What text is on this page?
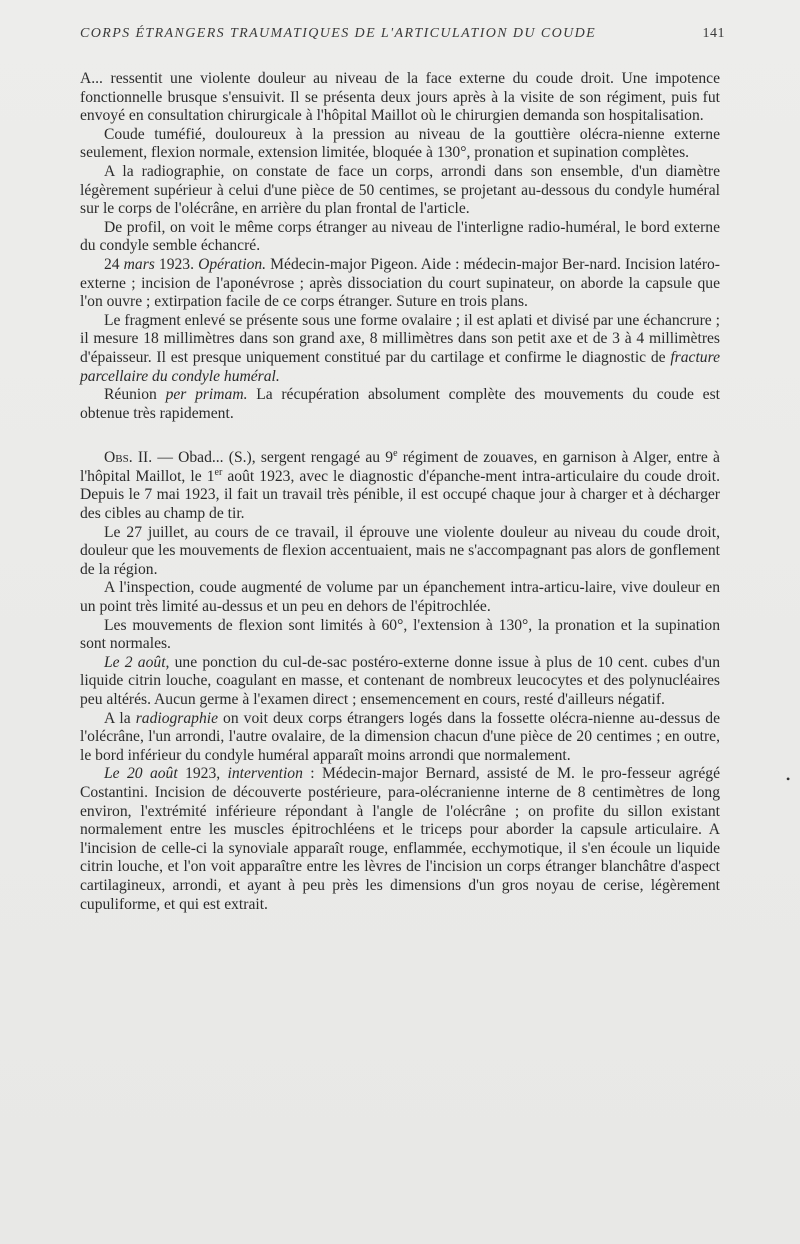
CORPS ÉTRANGERS TRAUMATIQUES DE L'ARTICULATION DU COUDE	141

A... ressentit une violente douleur au niveau de la face externe du coude droit. Une impotence fonctionnelle brusque s'ensuivit. Il se présenta deux jours après à la visite de son régiment, puis fut envoyé en consultation chirurgicale à l'hôpital Maillot où le chirurgien demanda son hospitalisation.

Coude tuméfié, douloureux à la pression au niveau de la gouttière olécra-nienne externe seulement, flexion normale, extension limitée, bloquée à 130°, pronation et supination complètes.

A la radiographie, on constate de face un corps, arrondi dans son ensemble, d'un diamètre légèrement supérieur à celui d'une pièce de 50 centimes, se projetant au-dessous du condyle huméral sur le corps de l'olécrâne, en arrière du plan frontal de l'article.

De profil, on voit le même corps étranger au niveau de l'interligne radio-huméral, le bord externe du condyle semble échancré.

24 mars 1923. Opération. Médecin-major Pigeon. Aide : médecin-major Ber-nard. Incision latéro-externe ; incision de l'aponévrose ; après dissociation du court supinateur, on aborde la capsule que l'on ouvre ; extirpation facile de ce corps étranger. Suture en trois plans.

Le fragment enlevé se présente sous une forme ovalaire ; il est aplati et divisé par une échancrure ; il mesure 18 millimètres dans son grand axe, 8 millimètres dans son petit axe et de 3 à 4 millimètres d'épaisseur. Il est presque uniquement constitué par du cartilage et confirme le diagnostic de fracture parcellaire du condyle huméral.

Réunion per primam. La récupération absolument complète des mouvements du coude est obtenue très rapidement.

Obs. II. — Obad... (S.), sergent rengagé au 9e régiment de zouaves, en garnison à Alger, entre à l'hôpital Maillot, le 1er août 1923, avec le diagnostic d'épanche-ment intra-articulaire du coude droit. Depuis le 7 mai 1923, il fait un travail très pénible, il est occupé chaque jour à charger et à décharger des cibles au champ de tir.

Le 27 juillet, au cours de ce travail, il éprouve une violente douleur au niveau du coude droit, douleur que les mouvements de flexion accentuaient, mais ne s'accompagnant pas alors de gonflement de la région.

A l'inspection, coude augmenté de volume par un épanchement intra-articu-laire, vive douleur en un point très limité au-dessus et un peu en dehors de l'épitrochlée.

Les mouvements de flexion sont limités à 60°, l'extension à 130°, la pronation et la supination sont normales.

Le 2 août, une ponction du cul-de-sac postéro-externe donne issue à plus de 10 cent. cubes d'un liquide citrin louche, coagulant en masse, et contenant de nombreux leucocytes et des polynucléaires peu altérés. Aucun germe à l'examen direct ; ensemencement en cours, resté d'ailleurs négatif.

A la radiographie on voit deux corps étrangers logés dans la fossette olécra-nienne au-dessus de l'olécrâne, l'un arrondi, l'autre ovalaire, de la dimension chacun d'une pièce de 20 centimes ; en outre, le bord inférieur du condyle huméral apparaît moins arrondi que normalement.

Le 20 août 1923, intervention : Médecin-major Bernard, assisté de M. le pro-fesseur agrégé Costantini. Incision de découverte postérieure, para-olécranienne interne de 8 centimètres de long environ, l'extrémité inférieure répondant à l'angle de l'olécrâne ; on profite du sillon existant normalement entre les muscles épitrochléens et le triceps pour aborder la capsule articulaire. A l'incision de celle-ci la synoviale apparaît rouge, enflammée, ecchymotique, il s'en écoule un liquide citrin louche, et l'on voit apparaître entre les lèvres de l'incision un corps étranger blanchâtre d'aspect cartilagineux, arrondi, et ayant à peu près les dimensions d'un gros noyau de cerise, légèrement cupuliforme, et qui est extrait.

•
